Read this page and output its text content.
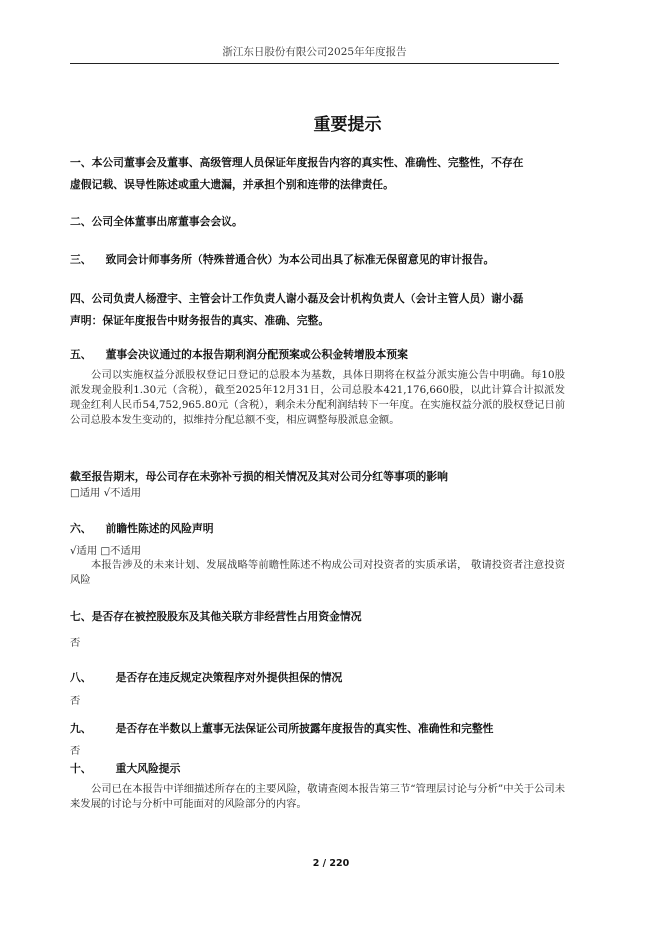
浙江东日股份有限公司2025年年度报告
重要提示
一、本公司董事会及董事、高级管理人员保证年度报告内容的真实性、准确性、完整性，不存在
虚假记载、误导性陈述或重大遗漏，并承担个别和连带的法律责任。
二、公司全体董事出席董事会会议。
三、 致同会计师事务所（特殊普通合伙）为本公司出具了标准无保留意见的审计报告。
四、公司负责人杨澄宇、主管会计工作负责人谢小磊及会计机构负责人（会计主管人员）谢小磊
声明：保证年度报告中财务报告的真实、准确、完整。
五、 董事会决议通过的本报告期利润分配预案或公积金转增股本预案

公司以实施权益分派股权登记日登记的总股本为基数，具体日期将在权益分派实施公告中明确。每10股派发现金股利1.30元（含税），截至2025年12月31日，公司总股本421,176,660股，以此计算合计拟派发现金红利人民币54,752,965.80元（含税），剩余未分配利润结转下一年度。在实施权益分派的股权登记日前公司总股本发生变动的，拟维持分配总额不变，相应调整每股派息金额。

截至报告期末，母公司存在未弥补亏损的相关情况及其对公司分红等事项的影响
□适用 √不适用
六、 前瞻性陈述的风险声明
√适用 □不适用

本报告涉及的未来计划、发展战略等前瞻性陈述不构成公司对投资者的实质承诺， 敬请投资者注意投资风险

七、是否存在被控股股东及其他关联方非经营性占用资金情况
否
八、 是否存在违反规定决策程序对外提供担保的情况
否
九、 是否存在半数以上董事无法保证公司所披露年度报告的真实性、准确性和完整性
否
十、 重大风险提示

公司已在本报告中详细描述所存在的主要风险，敬请查阅本报告第三节“管理层讨论与分析”中关于公司未来发展的讨论与分析中可能面对的风险部分的内容。

2 / 220
